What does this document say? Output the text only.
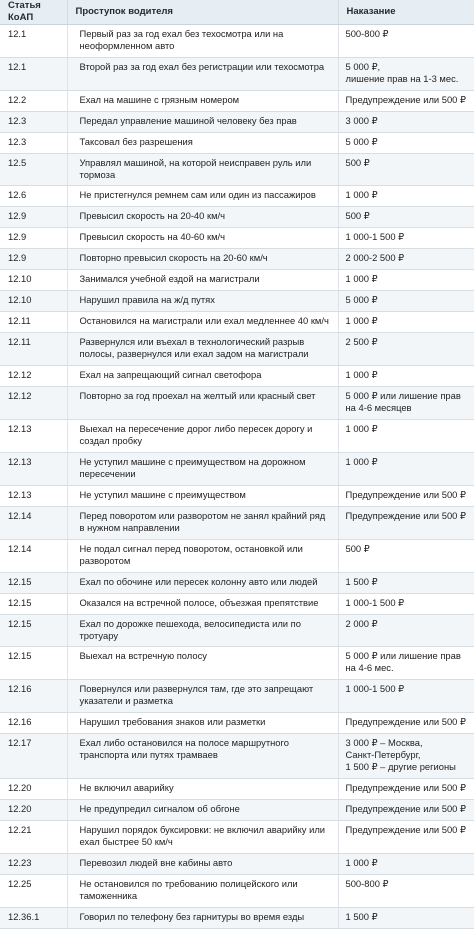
Статья КоАП	Проступок водителя	Наказание
12.1	Первый раз за год ехал без техосмотра или на неоформленном авто	500-800 ₽
12.1	Второй раз за год ехал без регистрации или техосмотра	5 000 ₽,
лишение прав на 1-3 мес.
12.2	Ехал на машине с грязным номером	Предупреждение или 500 ₽
12.3	Передал управление машиной человеку без прав	3 000 ₽
12.3	Таксовал без разрешения	5 000 ₽
12.5	Управлял машиной, на которой неисправен руль или тормоза	500 ₽
12.6	Не пристегнулся ремнем сам или один из пассажиров	1 000 ₽
12.9	Превысил скорость на 20-40 км/ч	500 ₽
12.9	Превысил скорость на 40-60 км/ч	1 000-1 500 ₽
12.9	Повторно превысил скорость на 20-60 км/ч	2 000-2 500 ₽
12.10	Занимался учебной ездой на магистрали	1 000 ₽
12.10	Нарушил правила на ж/д путях	5 000 ₽
12.11	Остановился на магистрали или ехал медленнее 40 км/ч	1 000 ₽
12.11	Развернулся или въехал в технологический разрыв полосы, развернулся или ехал задом на магистрали	2 500 ₽
12.12	Ехал на запрещающий сигнал светофора	1 000 ₽
12.12	Повторно за год проехал на желтый или красный свет	5 000 ₽ или лишение прав на 4-6 месяцев
12.13	Выехал на пересечение дорог либо пересек дорогу и создал пробку	1 000 ₽
12.13	Не уступил машине с преимуществом на дорожном пересечении	1 000 ₽
12.13	Не уступил машине с преимуществом	Предупреждение или 500 ₽
12.14	Перед поворотом или разворотом не занял крайний ряд в нужном направлении	Предупреждение или 500 ₽
12.14	Не подал сигнал перед поворотом, остановкой или разворотом	500 ₽
12.15	Ехал по обочине или пересек колонну авто или людей	1 500 ₽
12.15	Оказался на встречной полосе, объезжая препятствие	1 000-1 500 ₽
12.15	Ехал по дорожке пешехода, велосипедиста или по тротуару	2 000 ₽
12.15	Выехал на встречную полосу	5 000 ₽ или лишение прав на 4-6 мес.
12.16	Повернулся или развернулся там, где это запрещают указатели и разметка	1 000-1 500 ₽
12.16	Нарушил требования знаков или разметки	Предупреждение или 500 ₽
12.17	Ехал либо остановился на полосе маршрутного транспорта или путях трамваев	3 000 ₽ – Москва,
Санкт-Петербург,
1 500 ₽ – другие регионы
12.20	Не включил аварийку	Предупреждение или 500 ₽
12.20	Не предупредил сигналом об обгоне	Предупреждение или 500 ₽
12.21	Нарушил порядок буксировки: не включил аварийку или ехал быстрее 50 км/ч	Предупреждение или 500 ₽
12.23	Перевозил людей вне кабины авто	1 000 ₽
12.25	Не остановился по требованию полицейского или таможенника	500-800 ₽
12.36.1	Говорил по телефону без гарнитуры во время езды	1 500 ₽
